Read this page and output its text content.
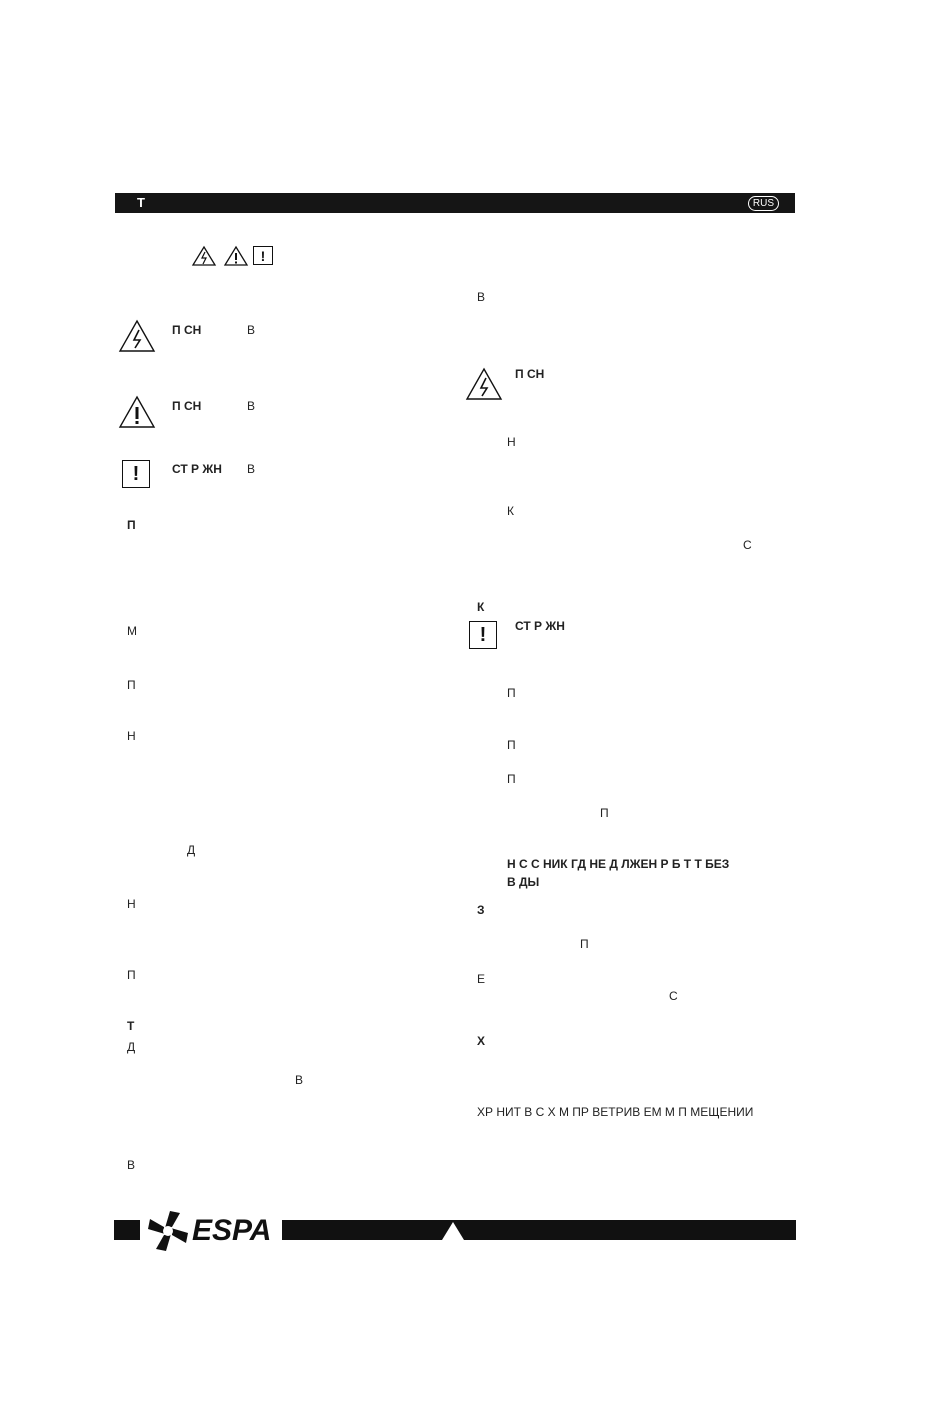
Т	RUS
!
П СН	В
П СН	В
!	СТ Р ЖН В
П
М
П
Н
Д
Н
П
Т
Д
В
В
В
П СН
Н
К
С
К
!	СТ Р ЖН
П
П
П
П
Н С С НИК ГД НЕ Д ЛЖЕН Р Б Т Т БЕЗ
В ДЫ
З
П
Е
С
Х
ХР НИТ В С Х М ПР ВЕТРИВ ЕМ М П МЕЩЕНИИ
ESPA
